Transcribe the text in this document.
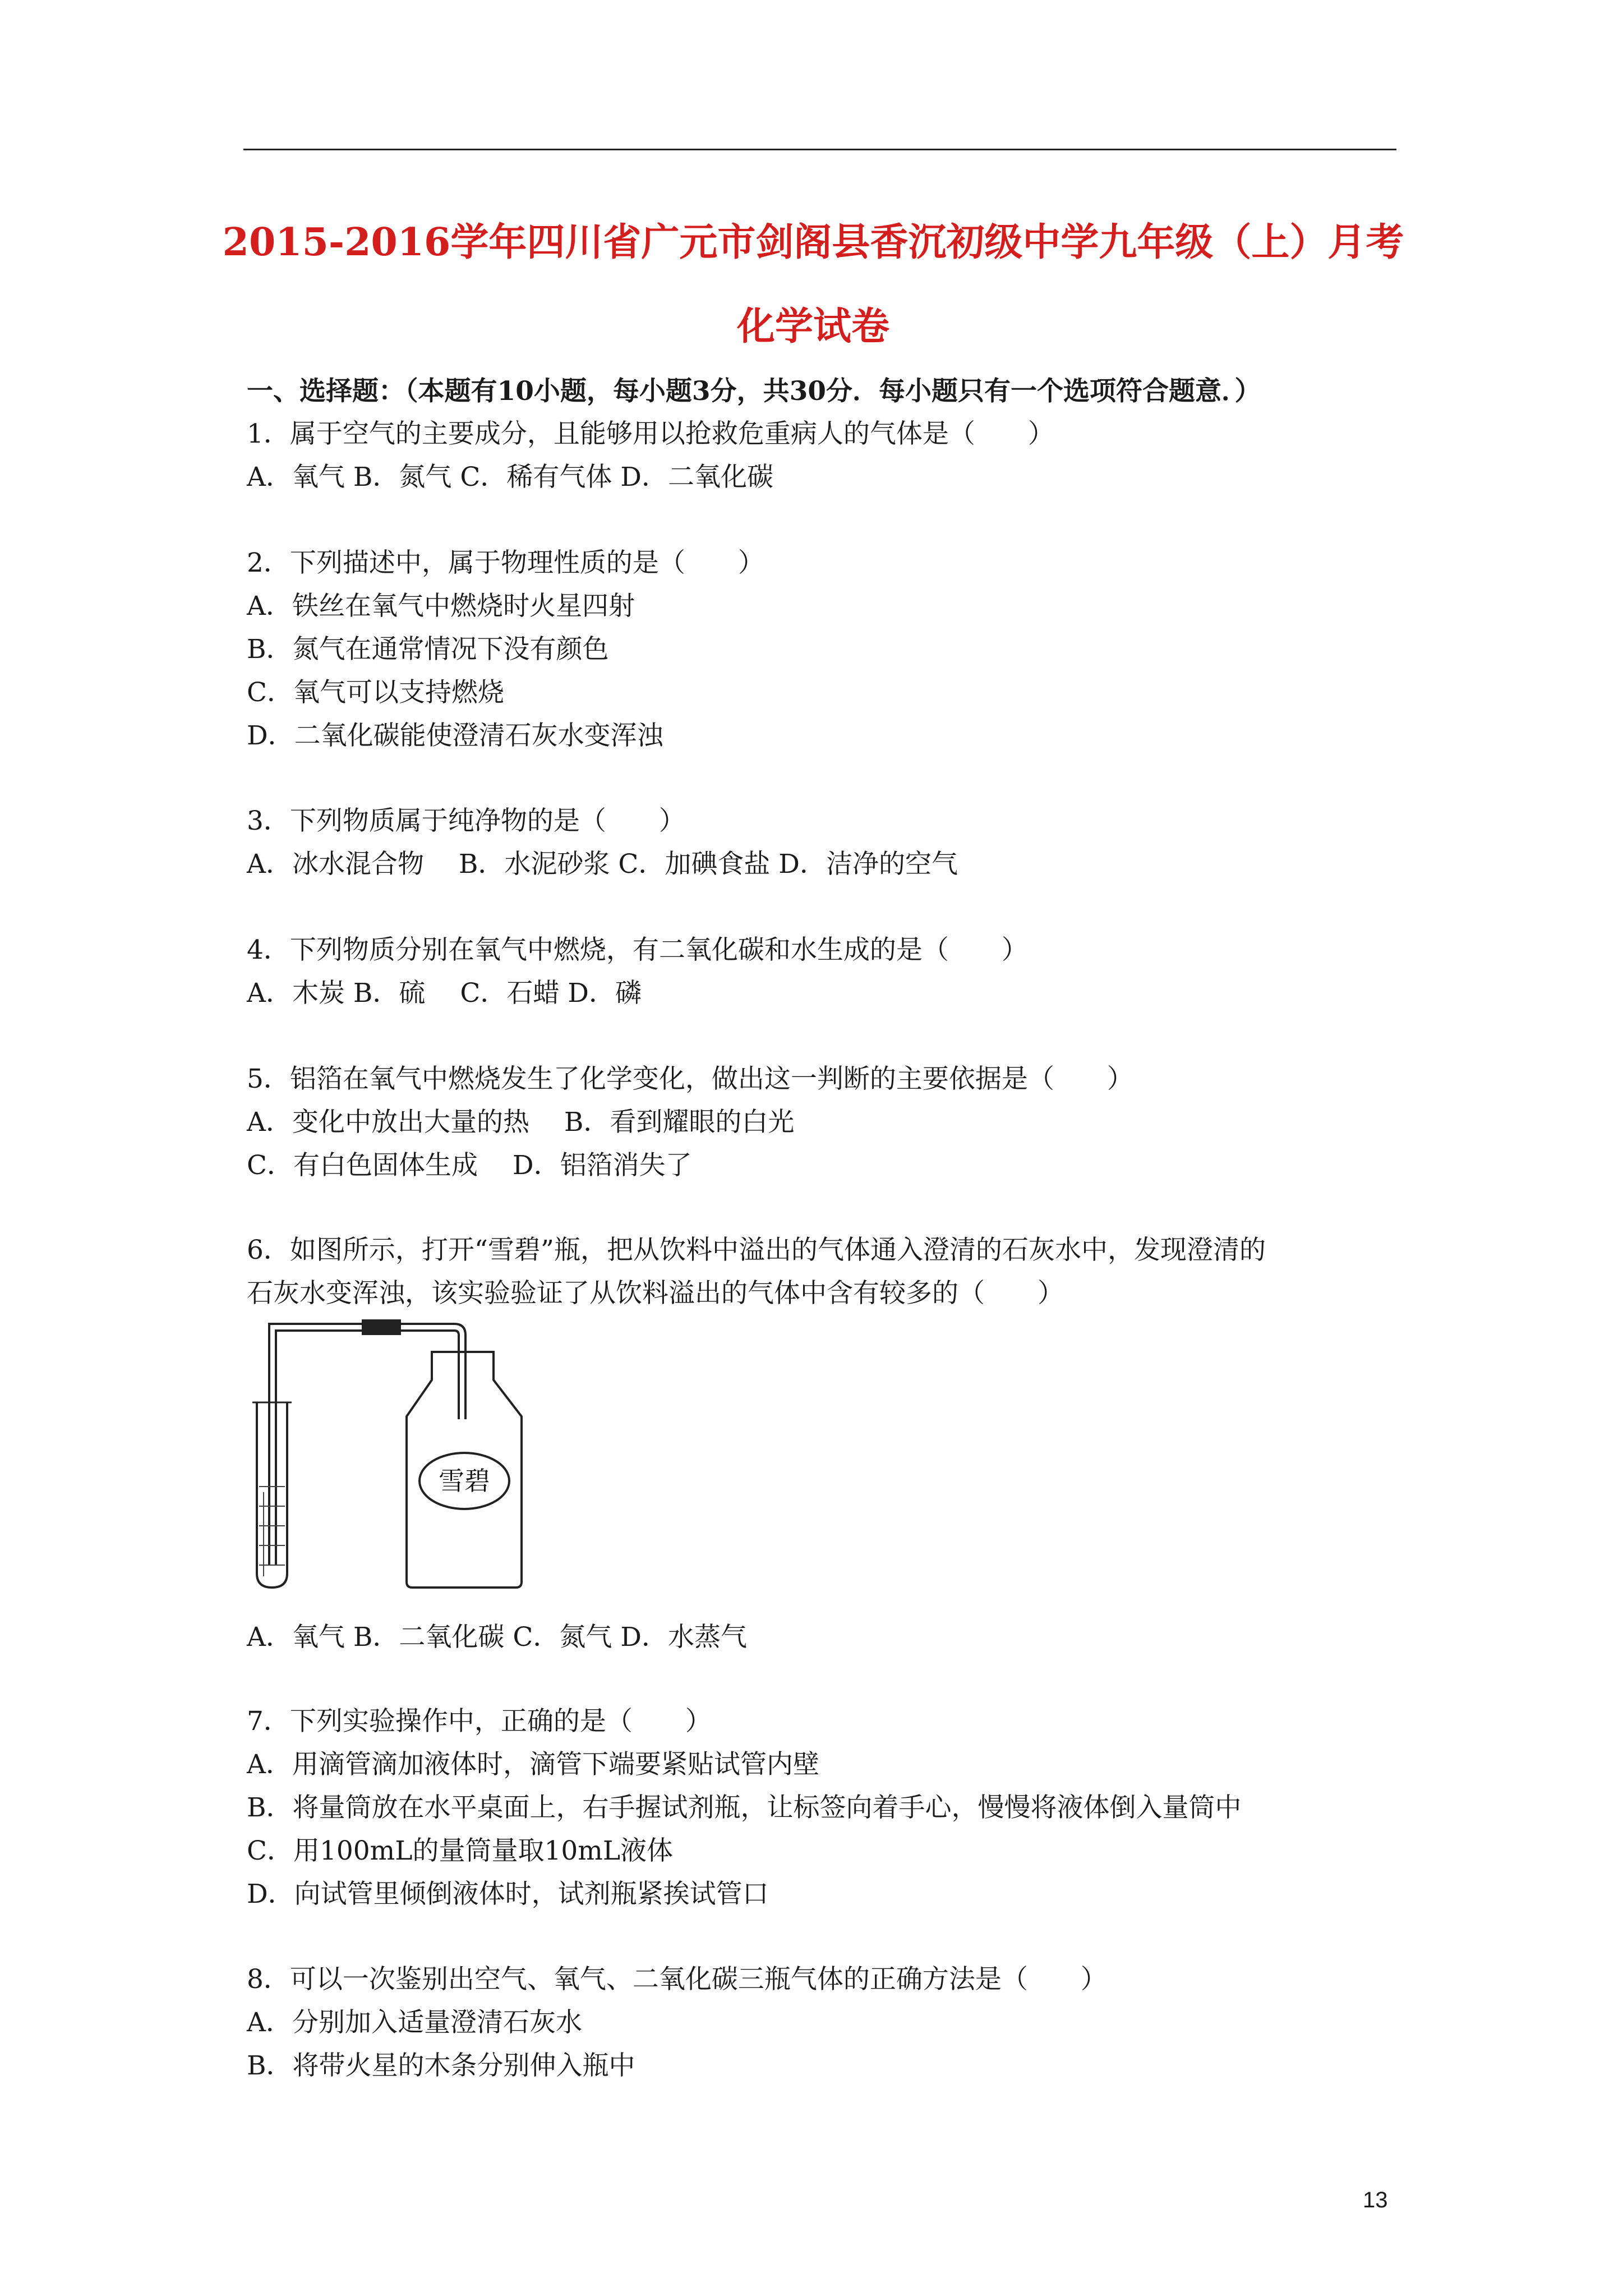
2015-2016学年四川省广元市剑阁县香沉初级中学九年级（上）月考
化学试卷
一、选择题：（本题有10小题，每小题3分，共30分．每小题只有一个选项符合题意．）
1．属于空气的主要成分，且能够用以抢救危重病人的气体是（　　）
A．氧气 B．氮气 C．稀有气体 D．二氧化碳
2．下列描述中，属于物理性质的是（　　）
A．铁丝在氧气中燃烧时火星四射
B．氮气在通常情况下没有颜色
C．氧气可以支持燃烧
D．二氧化碳能使澄清石灰水变浑浊
3．下列物质属于纯净物的是（　　）
A．冰水混合物　 B．水泥砂浆 C．加碘食盐 D．洁净的空气
4．下列物质分别在氧气中燃烧，有二氧化碳和水生成的是（　　）
A．木炭 B．硫　 C．石蜡 D．磷
5．铝箔在氧气中燃烧发生了化学变化，做出这一判断的主要依据是（　　）
A．变化中放出大量的热　 B．看到耀眼的白光
C．有白色固体生成　 D．铝箔消失了
6．如图所示，打开“雪碧”瓶，把从饮料中溢出的气体通入澄清的石灰水中，发现澄清的
石灰水变浑浊，该实验验证了从饮料溢出的气体中含有较多的（　　）
雪碧
A．氧气 B．二氧化碳 C．氮气 D．水蒸气
7．下列实验操作中，正确的是（　　）
A．用滴管滴加液体时，滴管下端要紧贴试管内壁
B．将量筒放在水平桌面上，右手握试剂瓶，让标签向着手心，慢慢将液体倒入量筒中
C．用100mL的量筒量取10mL液体
D．向试管里倾倒液体时，试剂瓶紧挨试管口
8．可以一次鉴别出空气、氧气、二氧化碳三瓶气体的正确方法是（　　）
A．分别加入适量澄清石灰水
B．将带火星的木条分别伸入瓶中
13
